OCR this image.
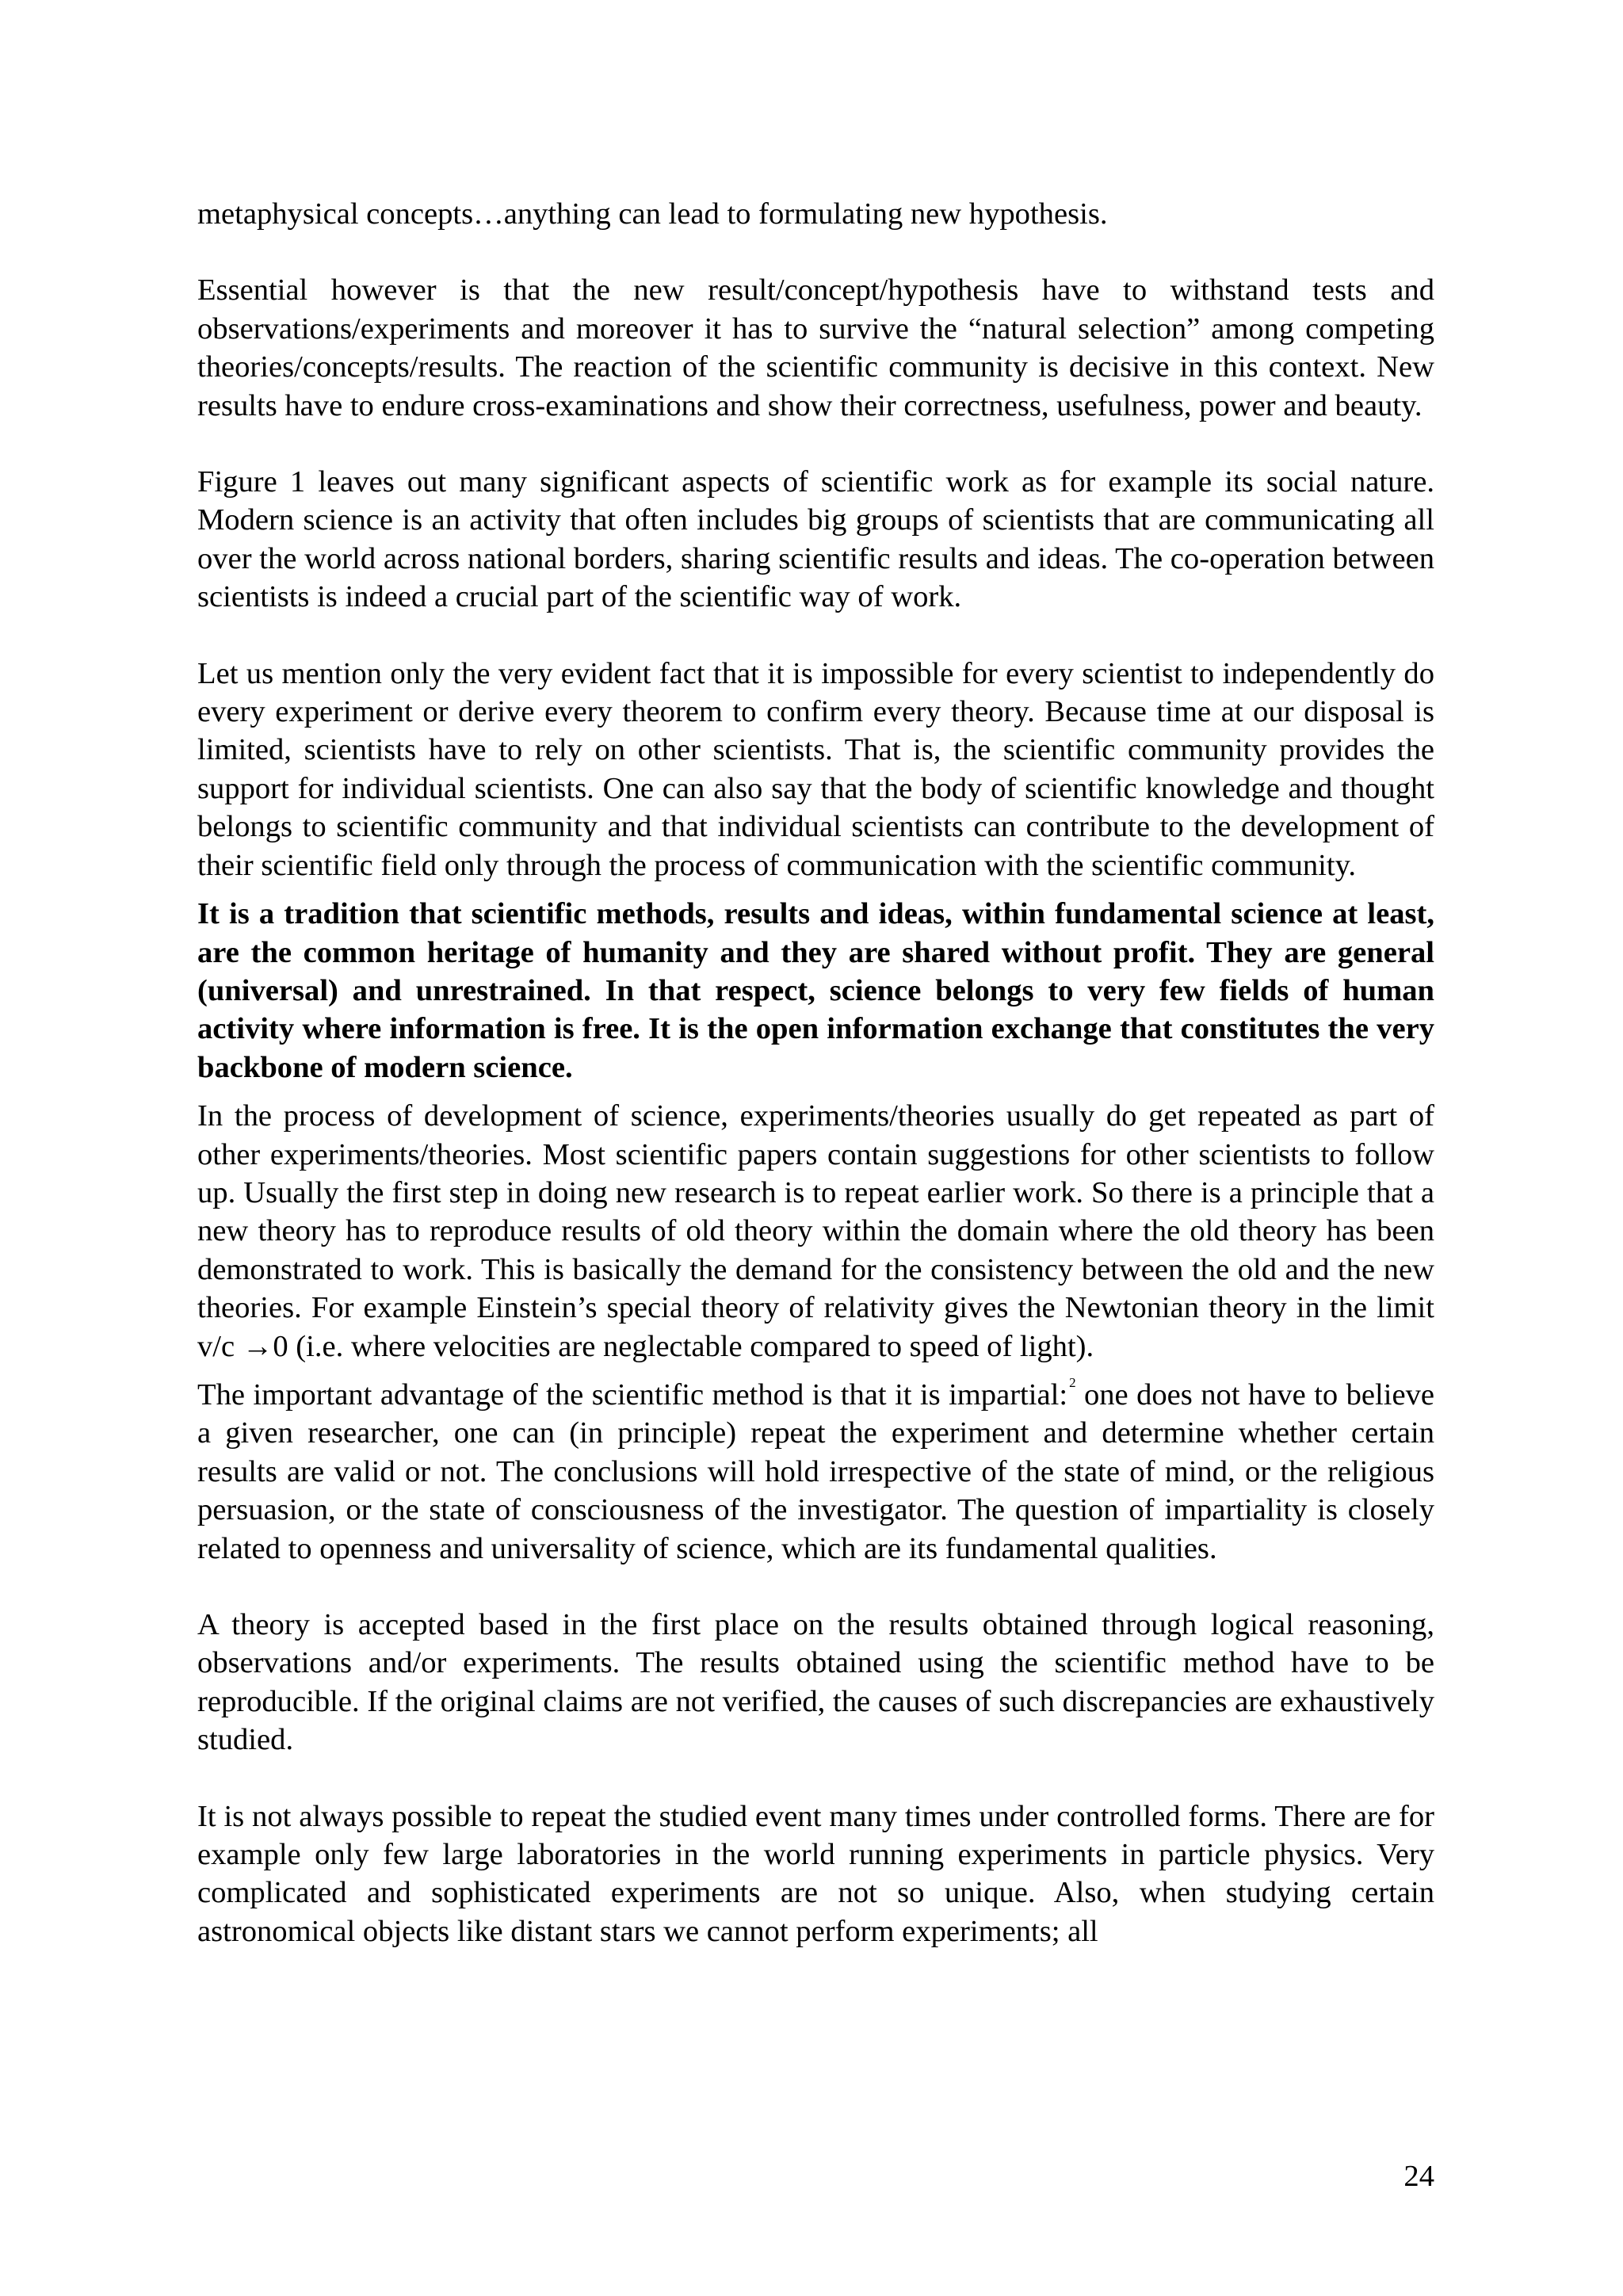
metaphysical concepts…anything can lead to formulating new hypothesis.

Essential however is that the new result/concept/hypothesis have to withstand tests and observations/experiments and moreover it has to survive the “natural selection” among competing theories/concepts/results. The reaction of the scientific community is decisive in this context. New results have to endure cross-examinations and show their correctness, usefulness, power and beauty.

Figure 1 leaves out many significant aspects of scientific work as for example its social nature. Modern science is an activity that often includes big groups of scientists that are communicating all over the world across national borders, sharing scientific results and ideas. The co-operation between scientists is indeed a crucial part of the scientific way of work.

Let us mention only the very evident fact that it is impossible for every scientist to independently do every experiment or derive every theorem to confirm every theory. Because time at our disposal is limited, scientists have to rely on other scientists. That is, the scientific community provides the support for individual scientists. One can also say that the body of scientific knowledge and thought belongs to scientific community and that individual scientists can contribute to the development of their scientific field only through the process of communication with the scientific community.

It is a tradition that scientific methods, results and ideas, within fundamental science at least, are the common heritage of humanity and they are shared without profit. They are general (universal) and unrestrained. In that respect, science belongs to very few fields of human activity where information is free. It is the open information exchange that constitutes the very backbone of modern science.

In the process of development of science, experiments/theories usually do get repeated as part of other experiments/theories. Most scientific papers contain suggestions for other scientists to follow up. Usually the first step in doing new research is to repeat earlier work. So there is a principle that a new theory has to reproduce results of old theory within the domain where the old theory has been demonstrated to work. This is basically the demand for the consistency between the old and the new theories. For example Einstein’s special theory of relativity gives the Newtonian theory in the limit v/c →0 (i.e. where velocities are neglectable compared to speed of light).

The important advantage of the scientific method is that it is impartial: $^2$ one does not have to believe a given researcher, one can (in principle) repeat the experiment and determine whether certain results are valid or not. The conclusions will hold irrespective of the state of mind, or the religious persuasion, or the state of consciousness of the investigator. The question of impartiality is closely related to openness and universality of science, which are its fundamental qualities.

A theory is accepted based in the first place on the results obtained through logical reasoning, observations and/or experiments. The results obtained using the scientific method have to be reproducible. If the original claims are not verified, the causes of such discrepancies are exhaustively studied.

It is not always possible to repeat the studied event many times under controlled forms. There are for example only few large laboratories in the world running experiments in particle physics. Very complicated and sophisticated experiments are not so unique. Also, when studying certain astronomical objects like distant stars we cannot perform experiments; all

24
